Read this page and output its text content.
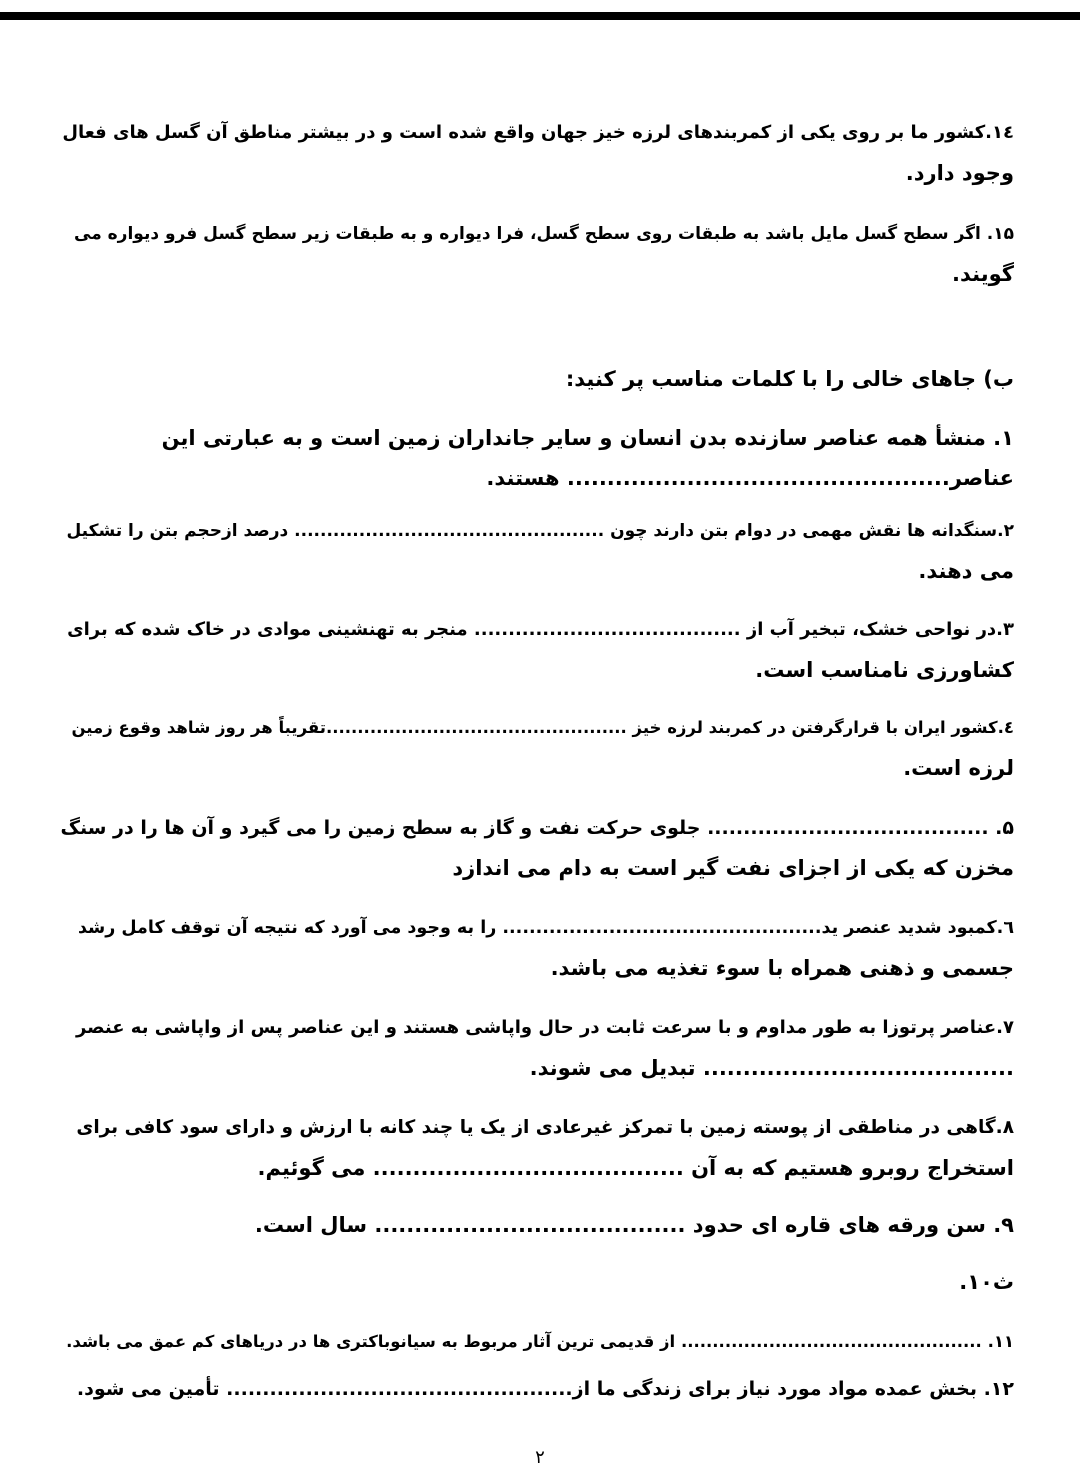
۱٤.کشور ما بر روی یکی از کمربندهای لرزه خیز جهان واقع شده است و در بیشتر مناطق آن گسل های فعال
وجود دارد.
۱۵. اگر سطح گسل مایل باشد به طبقات روی سطح گسل، فرا دیواره و به طبقات زیر سطح گسل فرو دیواره می
گویند.
ب) جاهای خالی را با کلمات مناسب پر کنید:
۱. منشأ همه عناصر سازنده بدن انسان و سایر جانداران زمین است و به عبارتی این
عناصر................................................ هستند.
۲.سنگدانه ها نقش مهمی در دوام بتن دارند چون ................................................ درصد ازحجم بتن را تشکیل
می دهند.
۳.در نواحی خشک، تبخیر آب از ....................................... منجر به تهنشینی موادی در خاک شده که برای
کشاورزی نامناسب است.
٤.کشور ایران با قرارگرفتن در کمربند لرزه خیز ................................................تقریباً هر روز شاهد وقوع زمین
لرزه است.
۵. ....................................... جلوی حرکت نفت و گاز به سطح زمین را می گیرد و آن ها را در سنگ
مخزن که یکی از اجزای نفت گیر است به دام می اندازد
٦.کمبود شدید عنصر ید................................................ را به وجود می آورد که نتیجه آن توقف کامل رشد
جسمی و ذهنی همراه با سوء تغذیه می باشد.
۷.عناصر پرتوزا به طور مداوم و با سرعت ثابت در حال واپاشی هستند و این عناصر پس از واپاشی به عنصر
....................................... تبدیل می شوند.
۸.گاهی در مناطقی از پوسته زمین با تمرکز غیرعادی از یک یا چند کانه با ارزش و دارای سود کافی برای
استخراج روبرو هستیم که به آن ....................................... می گوئیم.
۹. سن ورقه های قاره ای حدود ....................................... سال است.
ث۱۰.
۱۱. ................................................ از قدیمی ترین آثار مربوط به سیانوباکتری ها در دریاهای کم عمق می باشد.
۱۲. بخش عمده مواد مورد نیاز برای زندگی ما از................................................ تأمین می شود.
۲
